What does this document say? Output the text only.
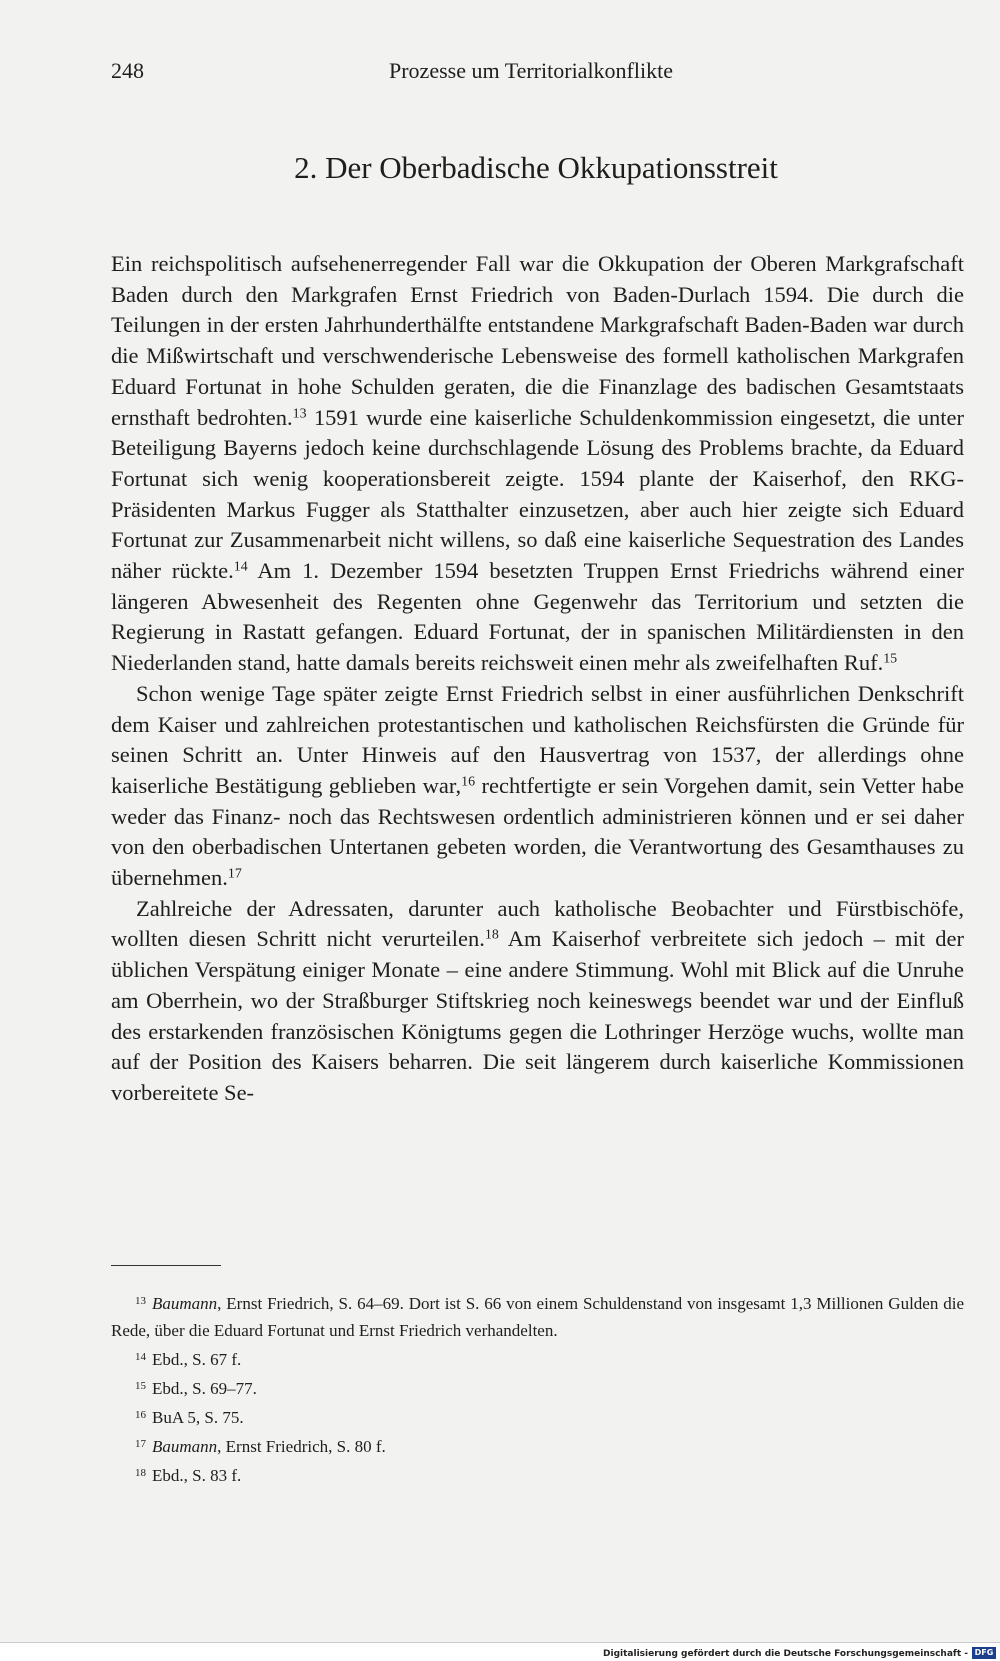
248	Prozesse um Territorialkonflikte
2. Der Oberbadische Okkupationsstreit

Ein reichspolitisch aufsehenerregender Fall war die Okkupation der Oberen Markgrafschaft Baden durch den Markgrafen Ernst Friedrich von Baden-Durlach 1594. Die durch die Teilungen in der ersten Jahrhunderthälfte entstandene Markgrafschaft Baden-Baden war durch die Mißwirtschaft und verschwenderische Lebensweise des formell katholischen Markgrafen Eduard Fortunat in hohe Schulden geraten, die die Finanzlage des badischen Gesamtstaats ernsthaft bedrohten.$^{13}$ 1591 wurde eine kaiserliche Schuldenkommission eingesetzt, die unter Beteiligung Bayerns jedoch keine durchschlagende Lösung des Problems brachte, da Eduard Fortunat sich wenig kooperationsbereit zeigte. 1594 plante der Kaiserhof, den RKG-Präsidenten Markus Fugger als Statthalter einzusetzen, aber auch hier zeigte sich Eduard Fortunat zur Zusammenarbeit nicht willens, so daß eine kaiserliche Sequestration des Landes näher rückte.$^{14}$ Am 1. Dezember 1594 besetzten Truppen Ernst Friedrichs während einer längeren Abwesenheit des Regenten ohne Gegenwehr das Territorium und setzten die Regierung in Rastatt gefangen. Eduard Fortunat, der in spanischen Militärdiensten in den Niederlanden stand, hatte damals bereits reichsweit einen mehr als zweifelhaften Ruf.$^{15}$

Schon wenige Tage später zeigte Ernst Friedrich selbst in einer ausführlichen Denkschrift dem Kaiser und zahlreichen protestantischen und katholischen Reichsfürsten die Gründe für seinen Schritt an. Unter Hinweis auf den Hausvertrag von 1537, der allerdings ohne kaiserliche Bestätigung geblieben war,$^{16}$ rechtfertigte er sein Vorgehen damit, sein Vetter habe weder das Finanz- noch das Rechtswesen ordentlich administrieren können und er sei daher von den oberbadischen Untertanen gebeten worden, die Verantwortung des Gesamthauses zu übernehmen.$^{17}$

Zahlreiche der Adressaten, darunter auch katholische Beobachter und Fürstbischöfe, wollten diesen Schritt nicht verurteilen.$^{18}$ Am Kaiserhof verbreitete sich jedoch – mit der üblichen Verspätung einiger Monate – eine andere Stimmung. Wohl mit Blick auf die Unruhe am Oberrhein, wo der Straßburger Stiftskrieg noch keineswegs beendet war und der Einfluß des erstarkenden französischen Königtums gegen die Lothringer Herzöge wuchs, wollte man auf der Position des Kaisers beharren. Die seit längerem durch kaiserliche Kommissionen vorbereitete Se-

$^{13}$ Baumann, Ernst Friedrich, S. 64–69. Dort ist S. 66 von einem Schuldenstand von insgesamt 1,3 Millionen Gulden die Rede, über die Eduard Fortunat und Ernst Friedrich verhandelten.
$^{14}$ Ebd., S. 67 f.
$^{15}$ Ebd., S. 69–77.
$^{16}$ BuA 5, S. 75.
$^{17}$ Baumann, Ernst Friedrich, S. 80 f.
$^{18}$ Ebd., S. 83 f.
Digitalisierung gefördert durch die Deutsche Forschungsgemeinschaft - DFG
